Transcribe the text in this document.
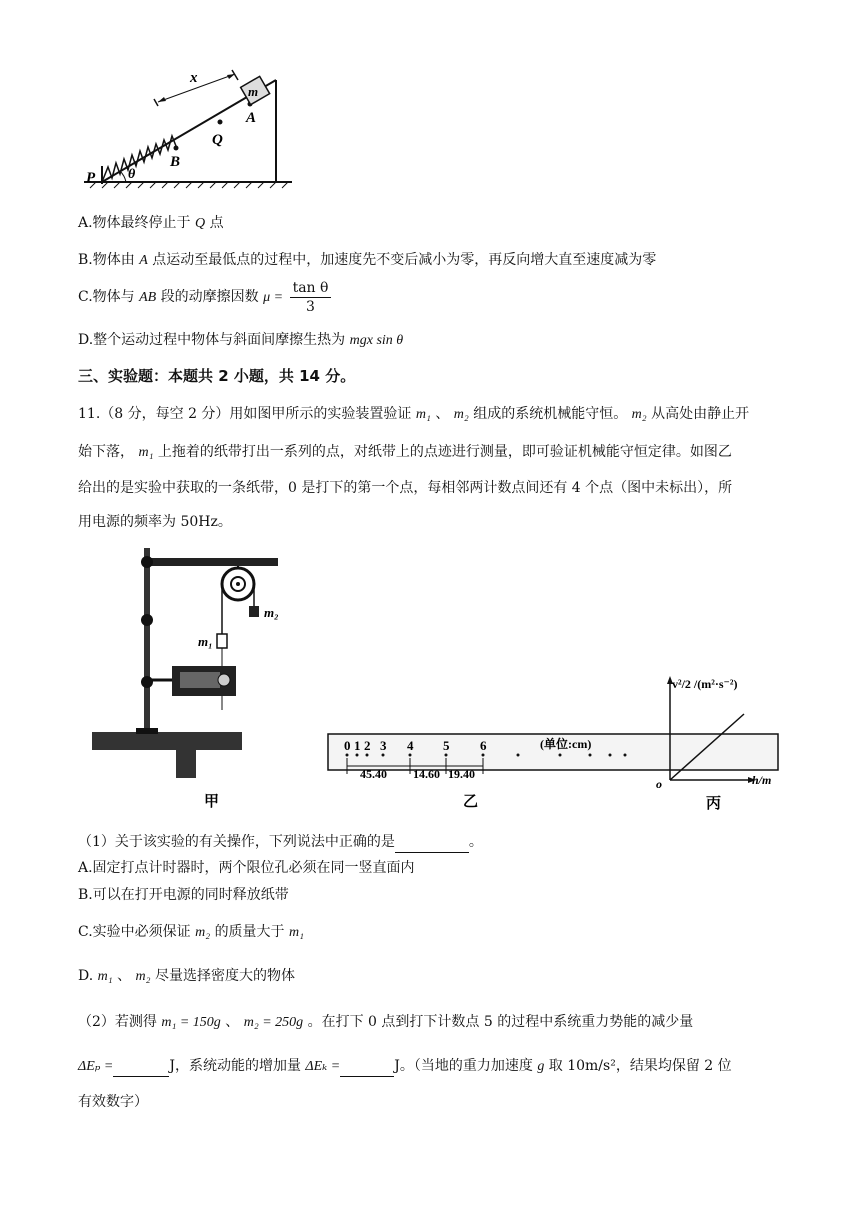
x
m
A
Q
B
P θ
A.物体最终停止于 Q 点
B.物体由 A 点运动至最低点的过程中，加速度先不变后减小为零，再反向增大直至速度减为零
C.物体与 AB 段的动摩擦因数 $\mu = \frac{\text{tan θ}}{3}$
D.整个运动过程中物体与斜面间摩擦生热为 mgx sin θ
三、实验题：本题共 2 小题，共 14 分。
11.（8 分，每空 2 分）用如图甲所示的实验装置验证 m₁ 、 m₂ 组成的系统机械能守恒。 m₂ 从高处由静止开
始下落， m₁ 上拖着的纸带打出一系列的点，对纸带上的点迹进行测量，即可验证机械能守恒定律。如图乙
给出的是实验中获取的一条纸带，0 是打下的第一个点，每相邻两计数点间还有 4 个点（图中未标出），所
用电源的频率为 50Hz。
m₁
m₂
甲
0 1 2 3 4 5 6	(单位:cm)
45.40 14.60 19.40
乙
v²/2 /(m²·s⁻²)
h/m
o
丙
（1）关于该实验的有关操作，下列说法中正确的是	。
A.固定打点计时器时，两个限位孔必须在同一竖直面内
B.可以在打开电源的同时释放纸带
C.实验中必须保证 m₂ 的质量大于 m₁
D. m₁ 、 m₂ 尽量选择密度大的物体
（2）若测得 m₁ = 150g 、 m₂ = 250g 。在打下 0 点到打下计数点 5 的过程中系统重力势能的减少量
ΔEₚ =	J，系统动能的增加量 ΔEₖ =	J。（当地的重力加速度 g 取 10m/s²，结果均保留 2 位
有效数字）
